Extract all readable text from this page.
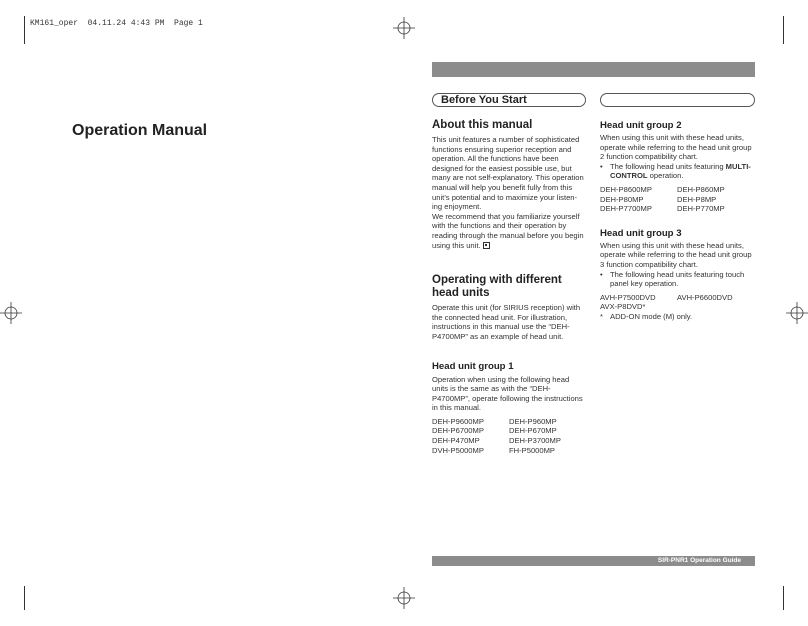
KM161_oper  04.11.24 4:43 PM  Page 1
Operation Manual
Before You Start
About this manual

This unit features a number of sophisticated

functions ensuring superior reception and

operation. All the functions have been

designed for the easiest possible use, but

many are not self-explanatory. This operation

manual will help you benefit fully from this

unit’s potential and to maximize your listen-

ing enjoyment.

We recommend that you familiarize yourself

with the functions and their operation by

reading through the manual before you begin

using this unit.

Operating with different
head units

Operate this unit (for SIRIUS reception) with

the connected head unit. For illustration,

instructions in this manual use the “DEH-

P4700MP” as an example of head unit.

Head unit group 1

Operation when using the following head

units is the same as with the “DEH-

P4700MP”, operate following the instructions

in this manual.

DEH-P9600MP	DEH-P960MP
DEH-P6700MP	DEH-P670MP
DEH-P470MP	DEH-P3700MP
DVH-P5000MP	FH-P5000MP
Head unit group 2

When using this unit with these head units,

operate while referring to the head unit group

2 function compatibility chart.

• The following head units featuring MULTI-

CONTROL operation.

DEH-P8600MP	DEH-P860MP
DEH-P80MP	DEH-P8MP
DEH-P7700MP	DEH-P770MP
Head unit group 3

When using this unit with these head units,

operate while referring to the head unit group

3 function compatibility chart.

• The following head units featuring touch

panel key operation.

AVH-P7500DVD	AVH-P6600DVD

AVX-P8DVD*

* ADD-ON mode (M) only.
SIR-PNR1 Operation Guide
